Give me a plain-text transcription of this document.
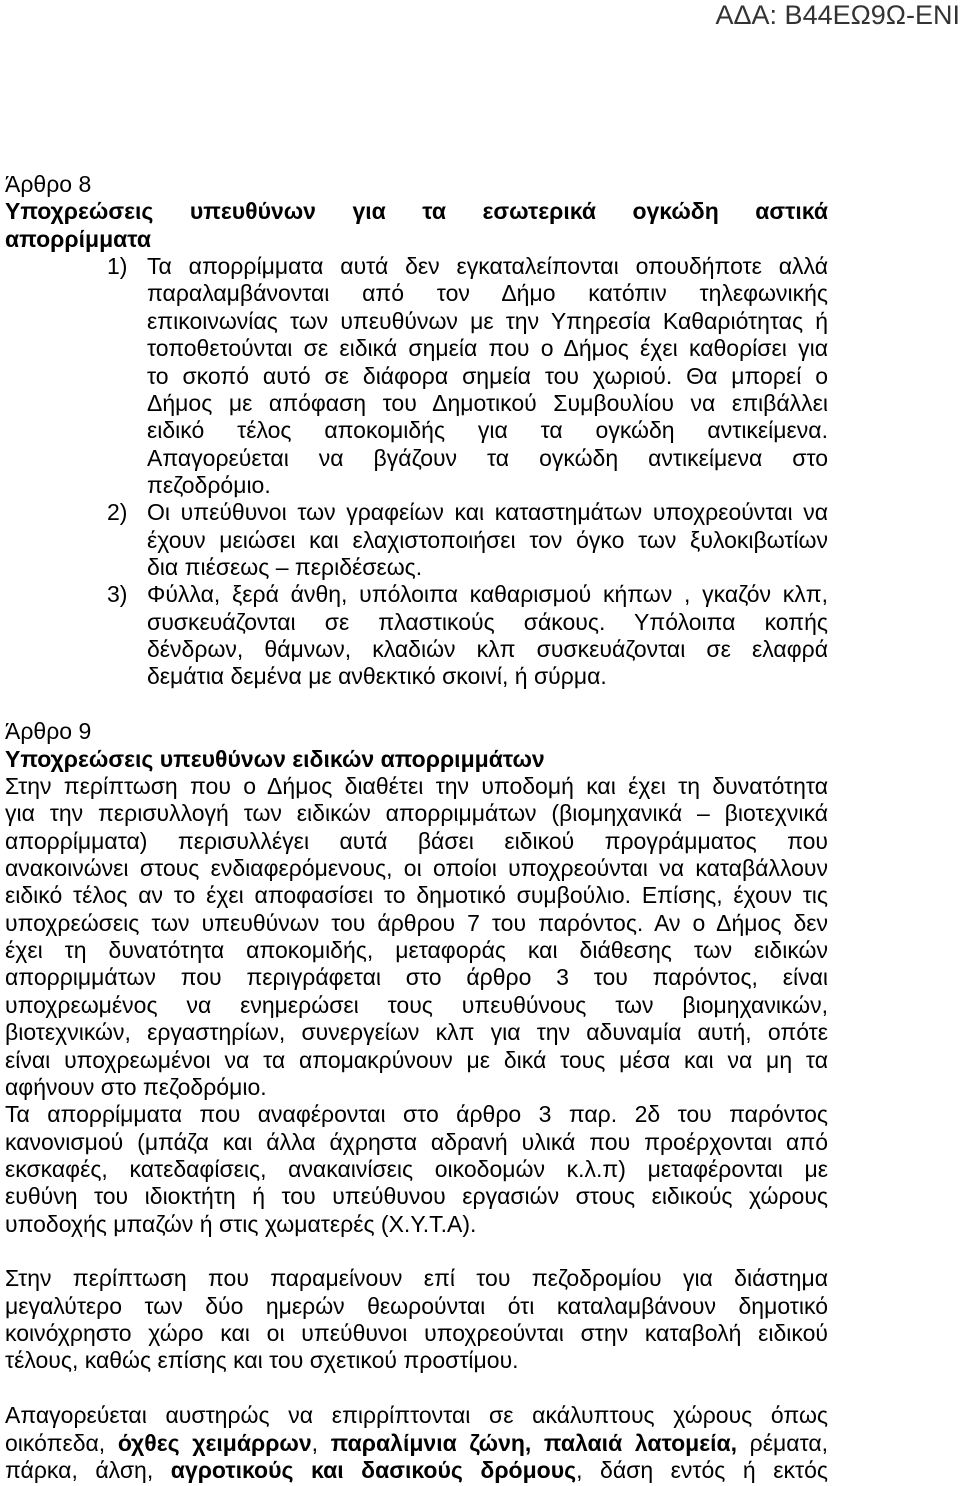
ΑΔΑ: Β44ΕΩ9Ω-ΕΝΙ
Άρθρο 8
Υποχρεώσεις υπευθύνων για τα εσωτερικά ογκώδη αστικά
απορρίμματα
1) Τα απορρίμματα αυτά δεν εγκαταλείπονται οπουδήποτε αλλά
παραλαμβάνονται από τον Δήμο κατόπιν τηλεφωνικής
επικοινωνίας των υπευθύνων με την Υπηρεσία Καθαριότητας ή
τοποθετούνται σε ειδικά σημεία που ο Δήμος έχει καθορίσει για
το σκοπό αυτό σε διάφορα σημεία του χωριού. Θα μπορεί ο
Δήμος με απόφαση του Δημοτικού Συμβουλίου να επιβάλλει
ειδικό τέλος αποκομιδής για τα ογκώδη αντικείμενα.
Απαγορεύεται να βγάζουν τα ογκώδη αντικείμενα στο
πεζοδρόμιο.
2) Οι υπεύθυνοι των γραφείων και καταστημάτων υποχρεούνται να
έχουν μειώσει και ελαχιστοποιήσει τον όγκο των ξυλοκιβωτίων
δια πιέσεως – περιδέσεως.
3) Φύλλα, ξερά άνθη, υπόλοιπα καθαρισμού κήπων , γκαζόν κλπ,
συσκευάζονται σε πλαστικούς σάκους. Υπόλοιπα κοπής
δένδρων, θάμνων, κλαδιών κλπ συσκευάζονται σε ελαφρά
δεμάτια δεμένα με ανθεκτικό σκοινί, ή σύρμα.
Άρθρο 9
Υποχρεώσεις υπευθύνων ειδικών απορριμμάτων
Στην περίπτωση που ο Δήμος διαθέτει την υποδομή και έχει τη δυνατότητα
για την περισυλλογή των ειδικών απορριμμάτων (βιομηχανικά – βιοτεχνικά
απορρίμματα) περισυλλέγει αυτά βάσει ειδικού προγράμματος που
ανακοινώνει στους ενδιαφερόμενους, οι οποίοι υποχρεούνται να καταβάλλουν
ειδικό τέλος αν το έχει αποφασίσει το δημοτικό συμβούλιο. Επίσης, έχουν τις
υποχρεώσεις των υπευθύνων του άρθρου 7 του παρόντος. Αν ο Δήμος δεν
έχει τη δυνατότητα αποκομιδής, μεταφοράς και διάθεσης των ειδικών
απορριμμάτων που περιγράφεται στο άρθρο 3 του παρόντος, είναι
υποχρεωμένος να ενημερώσει τους υπευθύνους των βιομηχανικών,
βιοτεχνικών, εργαστηρίων, συνεργείων κλπ για την αδυναμία αυτή, οπότε
είναι υποχρεωμένοι να τα απομακρύνουν με δικά τους μέσα και να μη τα
αφήνουν στο πεζοδρόμιο.
Τα απορρίμματα που αναφέρονται στο άρθρο 3 παρ. 2δ του παρόντος
κανονισμού (μπάζα και άλλα άχρηστα αδρανή υλικά που προέρχονται από
εκσκαφές, κατεδαφίσεις, ανακαινίσεις οικοδομών κ.λ.π) μεταφέρονται με
ευθύνη του ιδιοκτήτη ή του υπεύθυνου εργασιών στους ειδικούς χώρους
υποδοχής μπαζών ή στις χωματερές (Χ.Υ.Τ.Α).
Στην περίπτωση που παραμείνουν επί του πεζοδρομίου για διάστημα
μεγαλύτερο των δύο ημερών θεωρούνται ότι καταλαμβάνουν δημοτικό
κοινόχρηστο χώρο και οι υπεύθυνοι υποχρεούνται στην καταβολή ειδικού
τέλους, καθώς επίσης και του σχετικού προστίμου.
Απαγορεύεται αυστηρώς να επιρρίπτονται σε ακάλυπτους χώρους όπως
οικόπεδα, όχθες χειμάρρων, παραλίμνια ζώνη, παλαιά λατομεία, ρέματα,
πάρκα, άλση, αγροτικούς και δασικούς δρόμους, δάση εντός ή εκτός
